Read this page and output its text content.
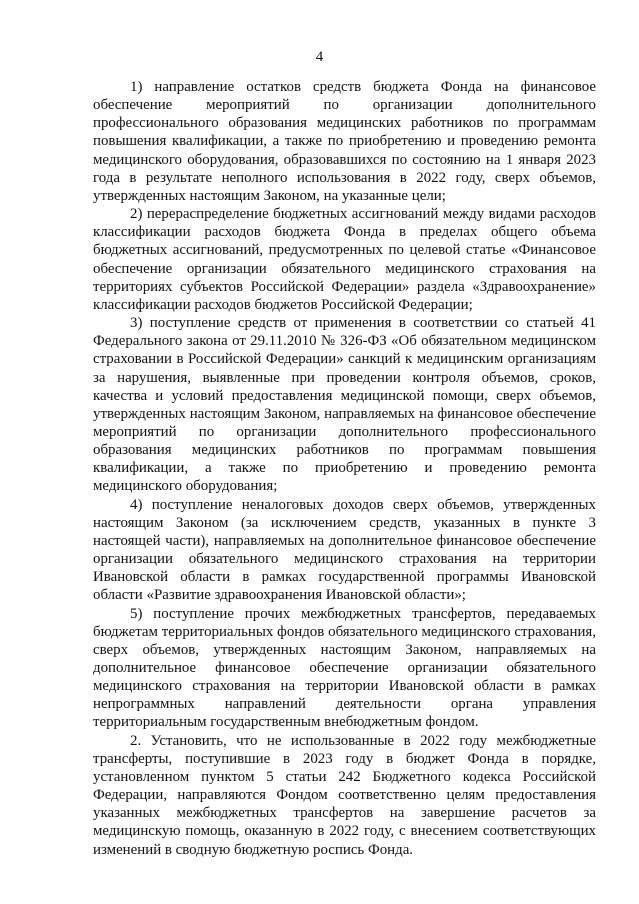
4

1) направление остатков средств бюджета Фонда на финансовое обеспечение мероприятий по организации дополнительного профессионального образования медицинских работников по программам повышения квалификации, а также по приобретению и проведению ремонта медицинского оборудования, образовавшихся по состоянию на 1 января 2023 года в результате неполного использования в 2022 году, сверх объемов, утвержденных настоящим Законом, на указанные цели;

2) перераспределение бюджетных ассигнований между видами расходов классификации расходов бюджета Фонда в пределах общего объема бюджетных ассигнований, предусмотренных по целевой статье «Финансовое обеспечение организации обязательного медицинского страхования на территориях субъектов Российской Федерации» раздела «Здравоохранение» классификации расходов бюджетов Российской Федерации;

3) поступление средств от применения в соответствии со статьей 41 Федерального закона от 29.11.2010 № 326-ФЗ «Об обязательном медицинском страховании в Российской Федерации» санкций к медицинским организациям за нарушения, выявленные при проведении контроля объемов, сроков, качества и условий предоставления медицинской помощи, сверх объемов, утвержденных настоящим Законом, направляемых на финансовое обеспечение мероприятий по организации дополнительного профессионального образования медицинских работников по программам повышения квалификации, а также по приобретению и проведению ремонта медицинского оборудования;

4) поступление неналоговых доходов сверх объемов, утвержденных настоящим Законом (за исключением средств, указанных в пункте 3 настоящей части), направляемых на дополнительное финансовое обеспечение организации обязательного медицинского страхования на территории Ивановской области в рамках государственной программы Ивановской области «Развитие здравоохранения Ивановской области»;

5) поступление прочих межбюджетных трансфертов, передаваемых бюджетам территориальных фондов обязательного медицинского страхования, сверх объемов, утвержденных настоящим Законом, направляемых на дополнительное финансовое обеспечение организации обязательного медицинского страхования на территории Ивановской области в рамках непрограммных направлений деятельности органа управления территориальным государственным внебюджетным фондом.

2. Установить, что не использованные в 2022 году межбюджетные трансферты, поступившие в 2023 году в бюджет Фонда в порядке, установленном пунктом 5 статьи 242 Бюджетного кодекса Российской Федерации, направляются Фондом соответственно целям предоставления указанных межбюджетных трансфертов на завершение расчетов за медицинскую помощь, оказанную в 2022 году, с внесением соответствующих изменений в сводную бюджетную роспись Фонда.
